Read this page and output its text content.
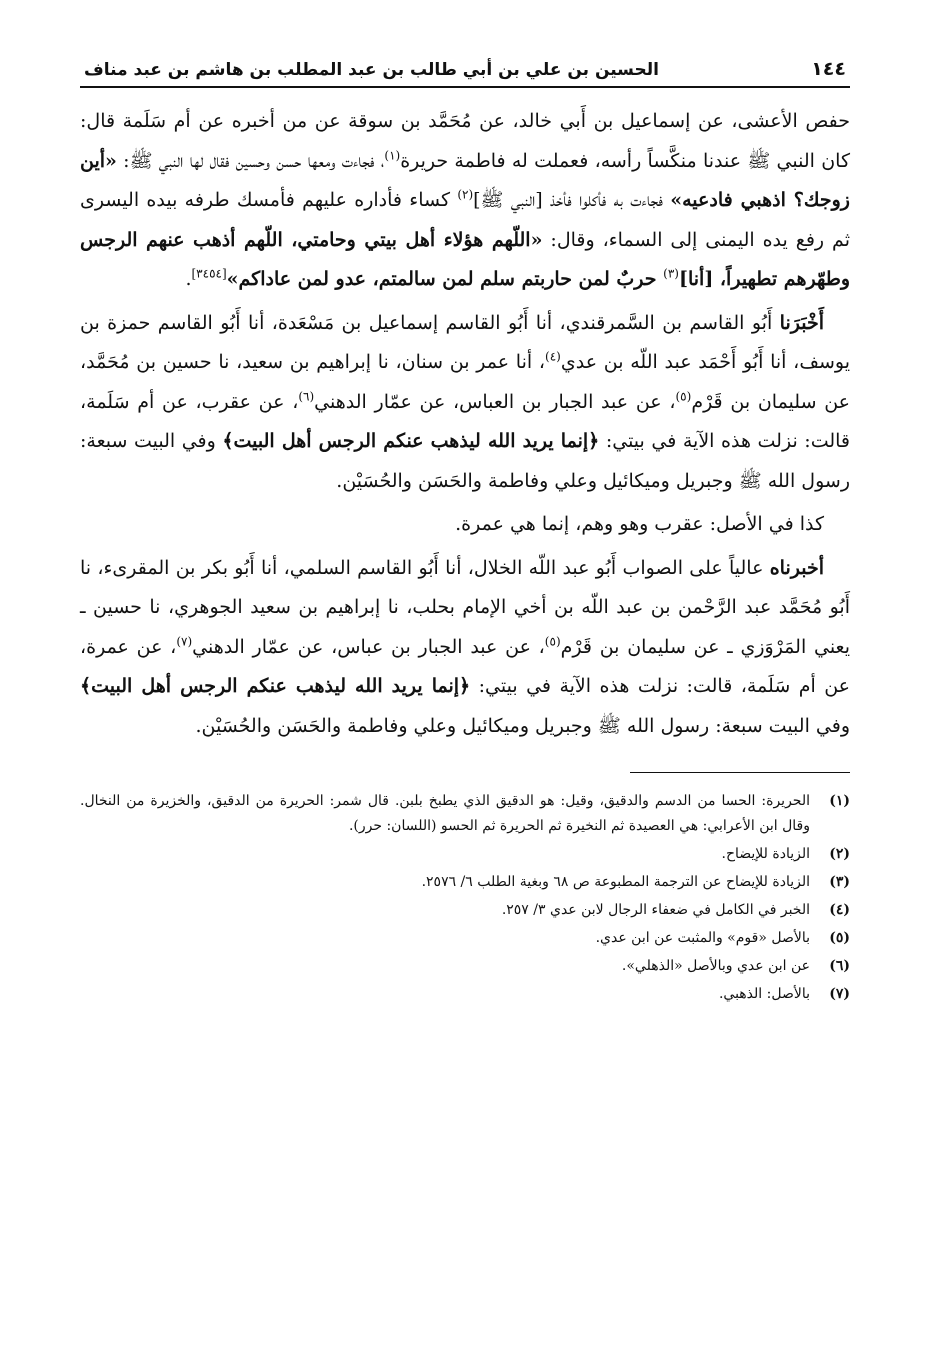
١٤٤
الحسين بن علي بن أبي طالب بن عبد المطلب بن هاشم بن عبد مناف

حفص الأعشى، عن إسماعيل بن أَبي خالد، عن مُحَمَّد بن سوقة عن من أخبره عن أم سَلَمة قال: كان النبي ﷺ عندنا منكَّساً رأسه، فعملت له فاطمة حريرة$^{(١)}$، فجاءت ومعها حسن وحسين فقال لها النبي ﷺ: «أين زوجك؟ اذهبي فادعيه» فجاءت به فأكلوا فأخذ [النبي ﷺ]$^{(٢)}$ كساء فأداره عليهم فأمسك طرفه بيده اليسرى ثم رفع يده اليمنى إلى السماء، وقال: «اللّهم هؤلاء أهل بيتي وحامتي، اللّهم أذهب عنهم الرجس وطهّرهم تطهيراً، [أنا]$^{(٣)}$ حربٌ لمن حاربتم سلم لمن سالمتم، عدو لمن عاداكم»[٣٤٥٤].

أَخْبَرَنا أَبُو القاسم بن السَّمرقندي، أنا أَبُو القاسم إسماعيل بن مَسْعَدة، أنا أَبُو القاسم حمزة بن يوسف، أنا أَبُو أَحْمَد عبد اللّه بن عدي$^{(٤)}$، أنا عمر بن سنان، نا إبراهيم بن سعيد، نا حسين بن مُحَمَّد، عن سليمان بن قَرْم$^{(٥)}$، عن عبد الجبار بن العباس، عن عمّار الدهني$^{(٦)}$، عن عقرب، عن أم سَلَمة، قالت: نزلت هذه الآية في بيتي: ﴿إنما يريد الله ليذهب عنكم الرجس أهل البيت﴾ وفي البيت سبعة: رسول الله ﷺ وجبريل وميكائيل وعلي وفاطمة والحَسَن والحُسَيْن.

كذا في الأصل: عقرب وهو وهم، إنما هي عمرة.

أخبرناه عالياً على الصواب أَبُو عبد اللّه الخلال، أنا أَبُو القاسم السلمي، أنا أَبُو بكر بن المقرىء، نا أَبُو مُحَمَّد عبد الرَّحْمن بن عبد اللّه بن أخي الإمام بحلب، نا إبراهيم بن سعيد الجوهري، نا حسين ـ يعني المَرْوَزي ـ عن سليمان بن قَرْم$^{(٥)}$، عن عبد الجبار بن عباس، عن عمّار الدهني$^{(٧)}$، عن عمرة، عن أم سَلَمة، قالت: نزلت هذه الآية في بيتي: ﴿إنما يريد الله ليذهب عنكم الرجس أهل البيت﴾ وفي البيت سبعة: رسول الله ﷺ وجبريل وميكائيل وعلي وفاطمة والحَسَن والحُسَيْن.

(١)
الحريرة: الحسا من الدسم والدقيق، وقيل: هو الدقيق الذي يطبخ بلبن. قال شمر: الحريرة من الدقيق، والخزيرة من النخال. وقال ابن الأعرابي: هي العصيدة ثم النخيرة ثم الحريرة ثم الحسو (اللسان: حرر).
(٢)
الزيادة للإيضاح.
(٣)
الزيادة للإيضاح عن الترجمة المطبوعة ص ٦٨ وبغية الطلب ٦/ ٢٥٧٦.
(٤)
الخبر في الكامل في ضعفاء الرجال لابن عدي ٣/ ٢٥٧.
(٥)
بالأصل «قوم» والمثبت عن ابن عدي.
(٦)
عن ابن عدي وبالأصل «الذهلي».
(٧)
بالأصل: الذهبي.
